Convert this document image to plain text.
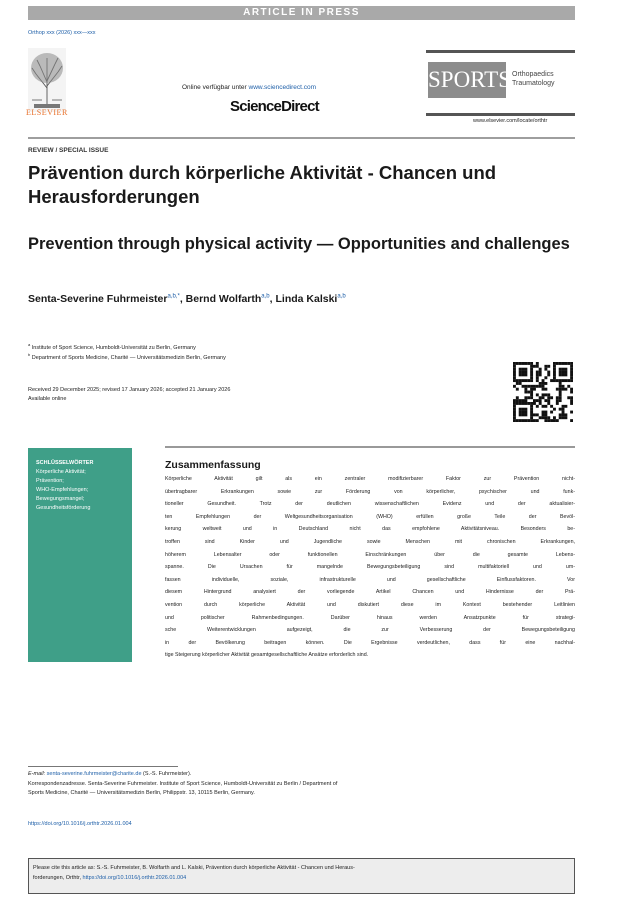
ARTICLE IN PRESS
Orthop xxx (2026) xxx—xxx
ELSEVIER
Online verfügbar unter www.sciencedirect.com
ScienceDirect
SPORTS Orthopaedics
Traumatology
www.elsevier.com/locate/orthtr
REVIEW / SPECIAL ISSUE
Prävention durch körperliche Aktivität - Chancen und Herausforderungen
Prevention through physical activity — Opportunities and challenges
Senta-Severine Fuhrmeister$^{a,b,*}$, Bernd Wolfarth$^{a,b}$, Linda Kalski$^{a,b}$
$^a$ Institute of Sport Science, Humboldt-Universität zu Berlin, Germany
$^b$ Department of Sports Medicine, Charité — Universitätsmedizin Berlin, Germany
Received 29 December 2025; revised 17 January 2026; accepted 21 January 2026
Available online
SCHLÜSSELWÖRTER
Körperliche Aktivität;
Prävention;
WHO-Empfehlungen;
Bewegungsmangel;
Gesundheitsförderung
Zusammenfassung
Körperliche Aktivität gilt als ein zentraler modifizierbarer Faktor zur Prävention nicht-
übertragbarer Erkrankungen sowie zur Förderung von körperlicher, psychischer und funk-
tioneller Gesundheit. Trotz der deutlichen wissenschaftlichen Evidenz und der aktualisier-
ten Empfehlungen der Weltgesundheitsorganisation (WHO) erfüllen große Teile der Bevöl-
kerung weltweit und in Deutschland nicht das empfohlene Aktivitätsniveau. Besonders be-
troffen sind Kinder und Jugendliche sowie Menschen mit chronischen Erkrankungen,
höherem Lebensalter oder funktionellen Einschränkungen über die gesamte Lebens-
spanne. Die Ursachen für mangelnde Bewegungsbeteiligung sind multifaktoriell und um-
fassen individuelle, soziale, infrastrukturelle und gesellschaftliche Einflussfaktoren. Vor
diesem Hintergrund analysiert der vorliegende Artikel Chancen und Hindernisse der Prä-
vention durch körperliche Aktivität und diskutiert diese im Kontext bestehender Leitlinien
und politischer Rahmenbedingungen. Darüber hinaus werden Ansatzpunkte für strategi-
sche Weiterentwicklungen aufgezeigt, die zur Verbesserung der Bewegungsbeteiligung
in der Bevölkerung beitragen können. Die Ergebnisse verdeutlichen, dass für eine nachhal-
tige Steigerung körperlicher Aktivität gesamtgesellschaftliche Ansätze erforderlich sind.
E-mail: senta-severine.fuhrmeister@charite.de (S.-S. Fuhrmeister).
Korrespondenzadresse. Senta-Severine Fuhrmeister. Institute of Sport Science, Humboldt-Universität zu Berlin / Department of
Sports Medicine, Charité — Universitätsmedizin Berlin, Philippstr. 13, 10115 Berlin, Germany.
https://doi.org/10.1016/j.orthtr.2026.01.004
Please cite this article as: S.-S. Fuhrmeister, B. Wolfarth and L. Kalski, Prävention durch körperliche Aktivität - Chancen und Heraus-
forderungen, Orthtr, https://doi.org/10.1016/j.orthtr.2026.01.004
